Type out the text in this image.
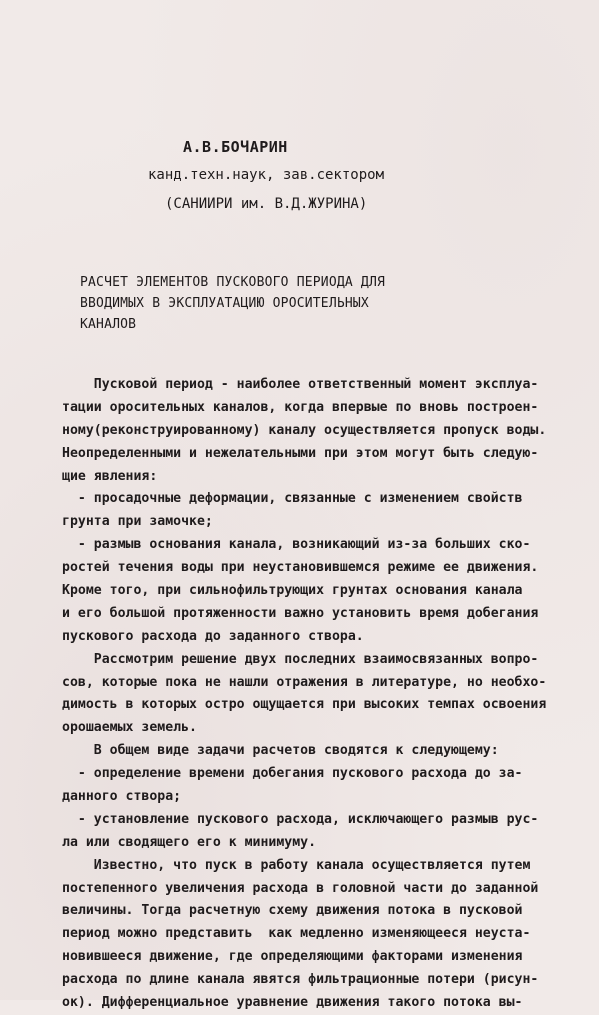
А.В.БОЧАРИН
канд.техн.наук, зав.сектором
(САНИИРИ им. В.Д.ЖУРИНА)
РАСЧЕТ ЭЛЕМЕНТОВ ПУСКОВОГО ПЕРИОДА ДЛЯ
ВВОДИМЫХ В ЭКСПЛУАТАЦИЮ ОРОСИТЕЛЬНЫХ
КАНАЛОВ
Пусковой период - наиболее ответственный момент эксплуа-
тации оросительных каналов, когда впервые по вновь построен-
ному(реконструированному) каналу осуществляется пропуск воды.
Неопределенными и нежелательными при этом могут быть следую-
щие явления:
- просадочные деформации, связанные с изменением свойств
грунта при замочке;
- размыв основания канала, возникающий из-за больших ско-
ростей течения воды при неустановившемся режиме ее движения.
Кроме того, при сильнофильтрующих грунтах основания канала
и его большой протяженности важно установить время добегания
пускового расхода до заданного створа.
Рассмотрим решение двух последних взаимосвязанных вопро-
сов, которые пока не нашли отражения в литературе, но необхо-
димость в которых остро ощущается при высоких темпах освоения
орошаемых земель.
В общем виде задачи расчетов сводятся к следующему:
- определение времени добегания пускового расхода до за-
данного створа;
- установление пускового расхода, исключающего размыв рус-
ла или сводящего его к минимуму.
Известно, что пуск в работу канала осуществляется путем
постепенного увеличения расхода в головной части до заданной
величины. Тогда расчетную схему движения потока в пусковой
период можно представить  как медленно изменяющееся неуста-
новившееся движение, где определяющими факторами изменения
расхода по длине канала явятся фильтрационные потери (рисун-
ок). Дифференциальное уравнение движения такого потока вы-
